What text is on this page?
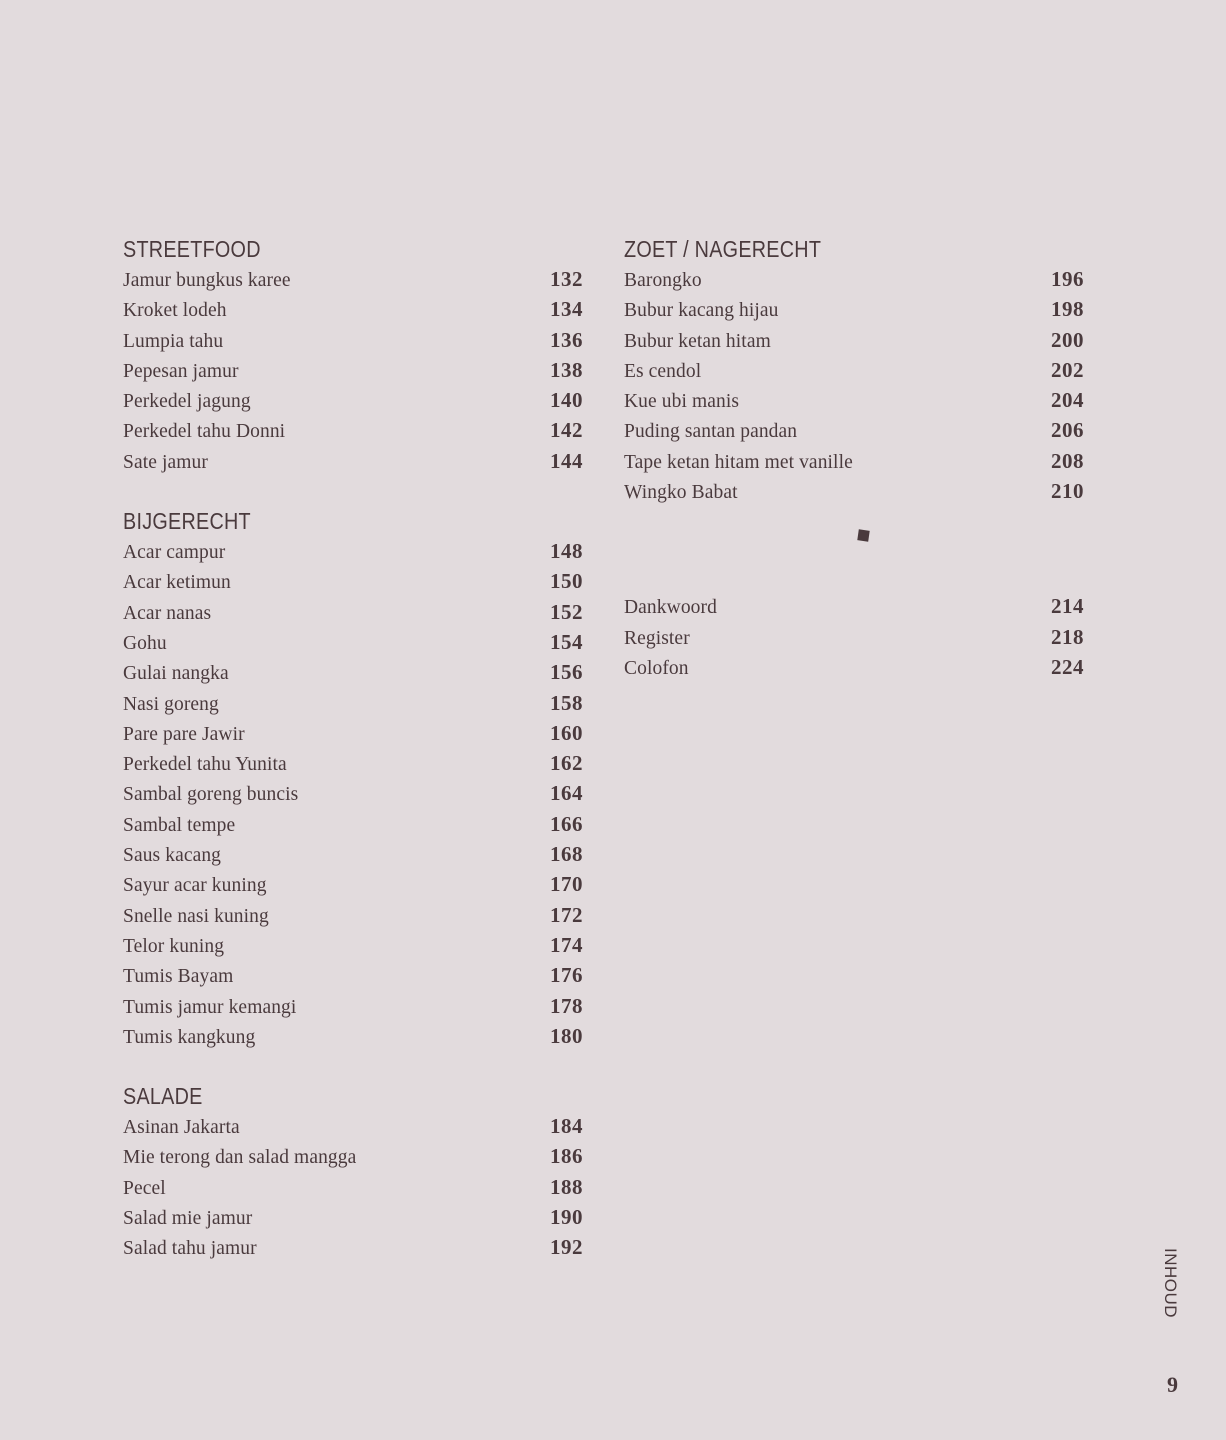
STREETFOOD
Jamur bungkus karee	132
Kroket lodeh	134
Lumpia tahu	136
Pepesan jamur	138
Perkedel jagung	140
Perkedel tahu Donni	142
Sate jamur	144
BIJGERECHT
Acar campur	148
Acar ketimun	150
Acar nanas	152
Gohu	154
Gulai nangka	156
Nasi goreng	158
Pare pare Jawir	160
Perkedel tahu Yunita	162
Sambal goreng buncis	164
Sambal tempe	166
Saus kacang	168
Sayur acar kuning	170
Snelle nasi kuning	172
Telor kuning	174
Tumis Bayam	176
Tumis jamur kemangi	178
Tumis kangkung	180
SALADE
Asinan Jakarta	184
Mie terong dan salad mangga	186
Pecel	188
Salad mie jamur	190
Salad tahu jamur	192
ZOET / NAGERECHT
Barongko	196
Bubur kacang hijau	198
Bubur ketan hitam	200
Es cendol	202
Kue ubi manis	204
Puding santan pandan	206
Tape ketan hitam met vanille	208
Wingko Babat	210
Dankwoord	214
Register	218
Colofon	224
INHOUD
9
